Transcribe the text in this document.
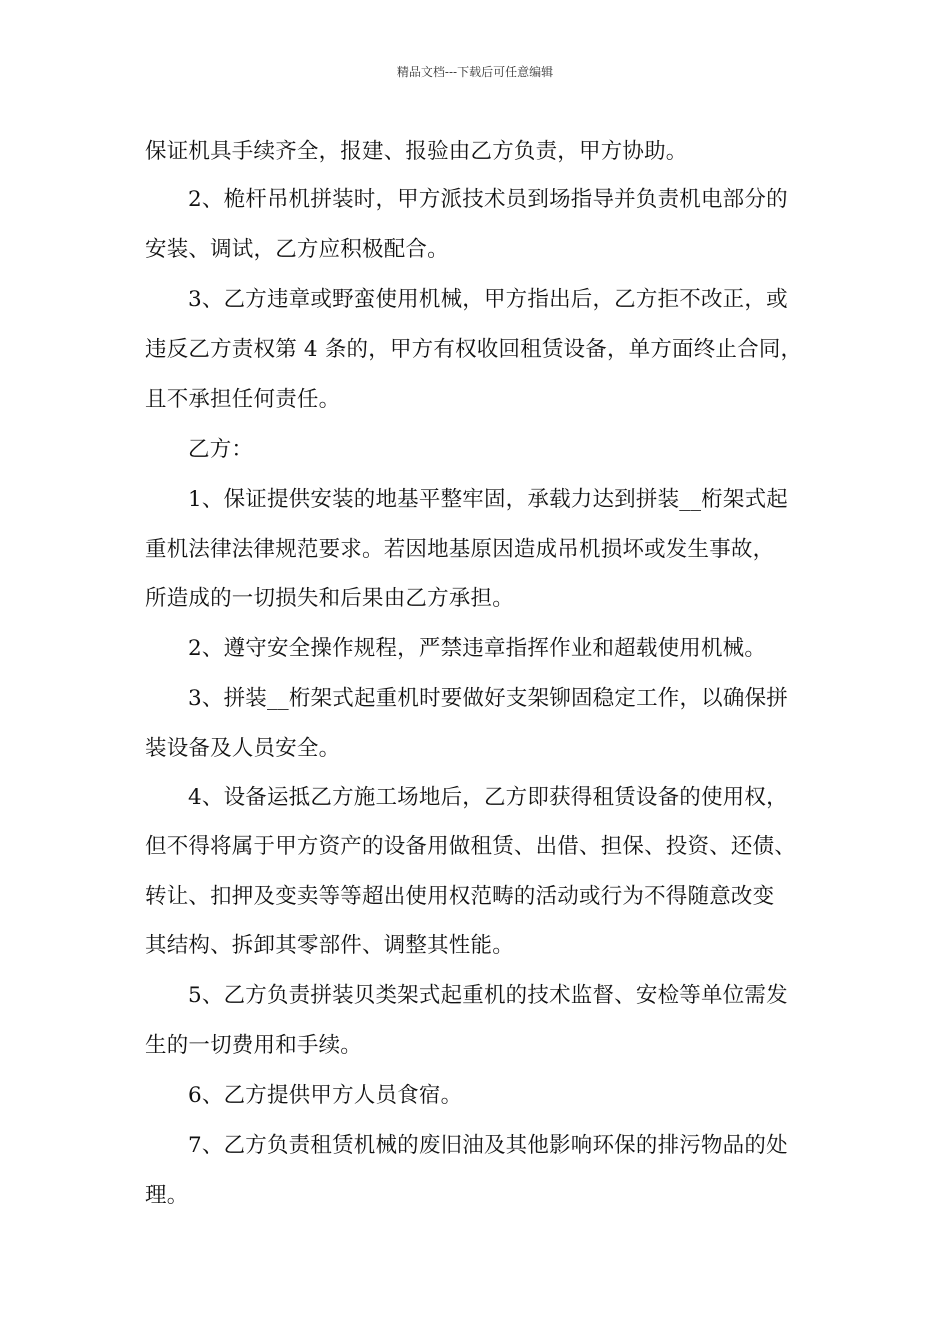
精品文档---下载后可任意编辑
保证机具手续齐全，报建、报验由乙方负责，甲方协助。
2、桅杆吊机拼装时，甲方派技术员到场指导并负责机电部分的
安装、调试，乙方应积极配合。
3、乙方违章或野蛮使用机械，甲方指出后，乙方拒不改正，或
违反乙方责权第 4 条的，甲方有权收回租赁设备，单方面终止合同，
且不承担任何责任。
乙方：
1、保证提供安装的地基平整牢固，承载力达到拼装__桁架式起
重机法律法律规范要求。若因地基原因造成吊机损坏或发生事故，
所造成的一切损失和后果由乙方承担。
2、遵守安全操作规程，严禁违章指挥作业和超载使用机械。
3、拼装__桁架式起重机时要做好支架铆固稳定工作，以确保拼
装设备及人员安全。
4、设备运抵乙方施工场地后，乙方即获得租赁设备的使用权，
但不得将属于甲方资产的设备用做租赁、出借、担保、投资、还债、
转让、扣押及变卖等等超出使用权范畴的活动或行为不得随意改变
其结构、拆卸其零部件、调整其性能。
5、乙方负责拼装贝类架式起重机的技术监督、安检等单位需发
生的一切费用和手续。
6、乙方提供甲方人员食宿。
7、乙方负责租赁机械的废旧油及其他影响环保的排污物品的处
理。
